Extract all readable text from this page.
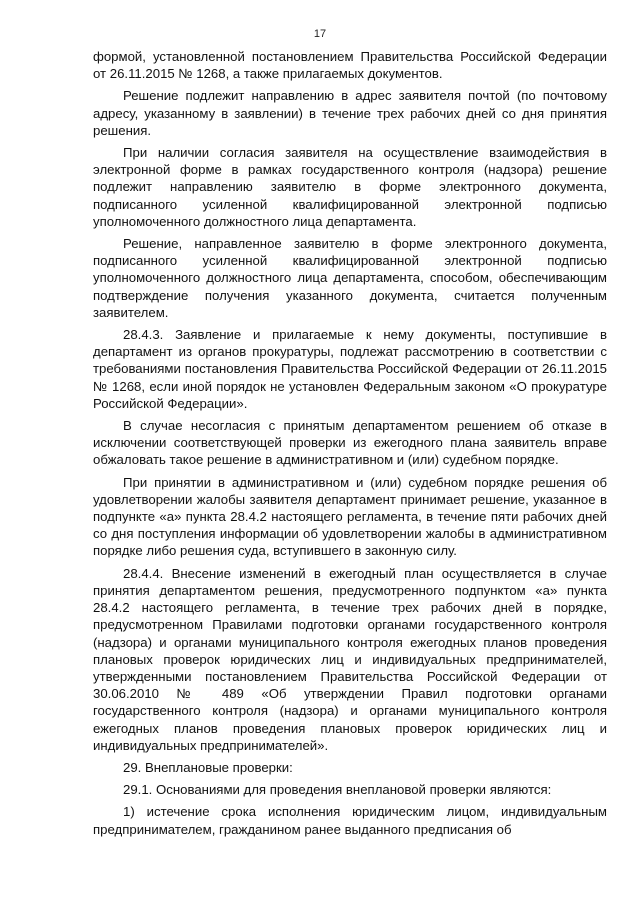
17

формой, установленной постановлением Правительства Российской Федерации от 26.11.2015 № 1268, а также прилагаемых документов.

Решение подлежит направлению в адрес заявителя почтой (по почтовому адресу, указанному в заявлении) в течение трех рабочих дней со дня принятия решения.

При наличии согласия заявителя на осуществление взаимодействия в электронной форме в рамках государственного контроля (надзора) решение подлежит направлению заявителю в форме электронного документа, подписанного усиленной квалифицированной электронной подписью уполномоченного должностного лица департамента.

Решение, направленное заявителю в форме электронного документа, подписанного усиленной квалифицированной электронной подписью уполномоченного должностного лица департамента, способом, обеспечивающим подтверждение получения указанного документа, считается полученным заявителем.

28.4.3. Заявление и прилагаемые к нему документы, поступившие в департамент из органов прокуратуры, подлежат рассмотрению в соответствии с требованиями постановления Правительства Российской Федерации от 26.11.2015 № 1268, если иной порядок не установлен Федеральным законом «О прокуратуре Российской Федерации».

В случае несогласия с принятым департаментом решением об отказе в исключении соответствующей проверки из ежегодного плана заявитель вправе обжаловать такое решение в административном и (или) судебном порядке.

При принятии в административном и (или) судебном порядке решения об удовлетворении жалобы заявителя департамент принимает решение, указанное в подпункте «а» пункта 28.4.2 настоящего регламента, в течение пяти рабочих дней со дня поступления информации об удовлетворении жалобы в административном порядке либо решения суда, вступившего в законную силу.

28.4.4. Внесение изменений в ежегодный план осуществляется в случае принятия департаментом решения, предусмотренного подпунктом «а» пункта 28.4.2 настоящего регламента, в течение трех рабочих дней в порядке, предусмотренном Правилами подготовки органами государственного контроля (надзора) и органами муниципального контроля ежегодных планов проведения плановых проверок юридических лиц и индивидуальных предпринимателей, утвержденными постановлением Правительства Российской Федерации от 30.06.2010 № 489 «Об утверждении Правил подготовки органами государственного контроля (надзора) и органами муниципального контроля ежегодных планов проведения плановых проверок юридических лиц и индивидуальных предпринимателей».

29. Внеплановые проверки:

29.1. Основаниями для проведения внеплановой проверки являются:

1) истечение срока исполнения юридическим лицом, индивидуальным предпринимателем, гражданином ранее выданного предписания об
